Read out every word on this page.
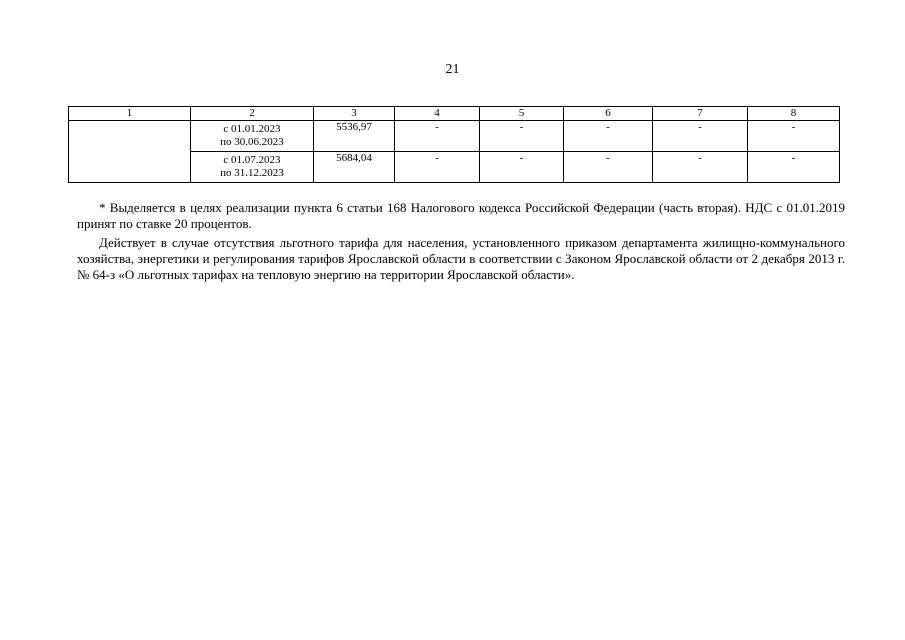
21
1	2	3	4	5	6	7	8

	с 01.01.2023
по 30.06.2023	5536,97	-	-	-	-	-

	с 01.07.2023
по 31.12.2023	5684,04	-	-	-	-	-

* Выделяется в целях реализации пункта 6 статьи 168 Налогового кодекса Российской Федерации (часть вторая). НДС с 01.01.2019 принят по ставке 20 процентов.

Действует в случае отсутствия льготного тарифа для населения, установленного приказом департамента жилищно-коммунального хозяйства, энергетики и регулирования тарифов Ярославской области в соответствии с Законом Ярославской области от 2 декабря 2013 г. № 64-з «О льготных тарифах на тепловую энергию на территории Ярославской области».
